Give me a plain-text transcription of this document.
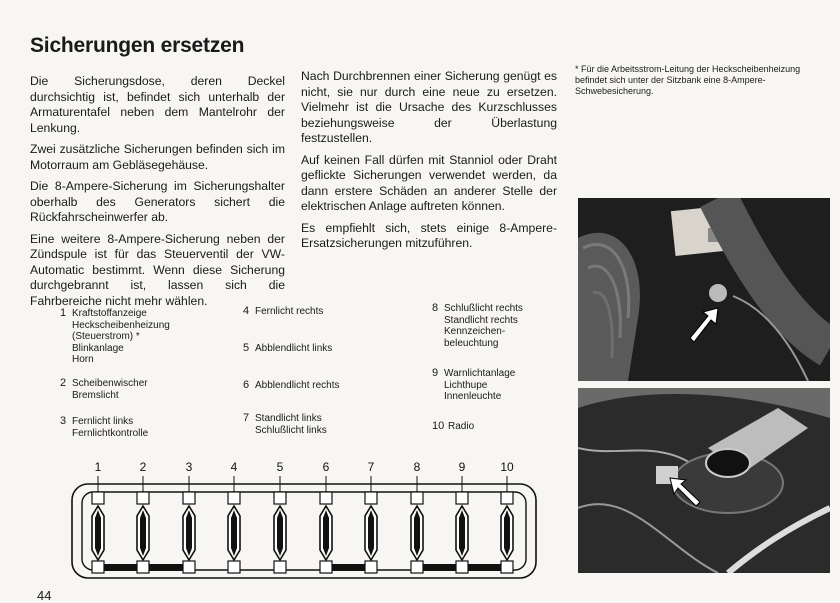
Sicherungen ersetzen

Die Sicherungsdose, deren Deckel durchsichtig ist, befindet sich unterhalb der Armaturentafel neben dem Mantelrohr der Lenkung.

Zwei zusätzliche Sicherungen befinden sich im Motorraum am Gebläsegehäuse.

Die 8-Ampere-Sicherung im Sicherungshalter oberhalb des Generators sichert die Rückfahrscheinwerfer ab.

Eine weitere 8-Ampere-Sicherung neben der Zündspule ist für das Steuerventil der VW-Automatic bestimmt. Wenn diese Sicherung durchgebrannt ist, lassen sich die Fahrbereiche nicht mehr wählen.

Nach Durchbrennen einer Sicherung genügt es nicht, sie nur durch eine neue zu ersetzen. Vielmehr ist die Ursache des Kurzschlusses beziehungsweise der Überlastung festzustellen.

Auf keinen Fall dürfen mit Stanniol oder Draht geflickte Sicherungen verwendet werden, da dann erstere Schäden an anderer Stelle der elektrischen Anlage auftreten können.

Es empfiehlt sich, stets einige 8-Ampere-Ersatzsicherungen mitzuführen.

* Für die Arbeitsstrom-Leitung der Heckscheibenheizung befindet sich unter der Sitzbank eine 8-Ampere-Schwebesicherung.
1 Kraftstoffanzeige
Heckscheibenheizung
(Steuerstrom) *
Blinkanlage
Horn
2 Scheibenwischer
Bremslicht
3 Fernlicht links
Fernlichtkontrolle
4 Fernlicht rechts
5 Abblendlicht links
6 Abblendlicht rechts
7 Standlicht links
Schlußlicht links
8 Schlußlicht rechts
Standlicht rechts
Kennzeichen-
beleuchtung
9 Warnlichtanlage
Lichthupe
Innenleuchte
10 Radio
1	2	3	4	5	6	7	8	9	10
44
